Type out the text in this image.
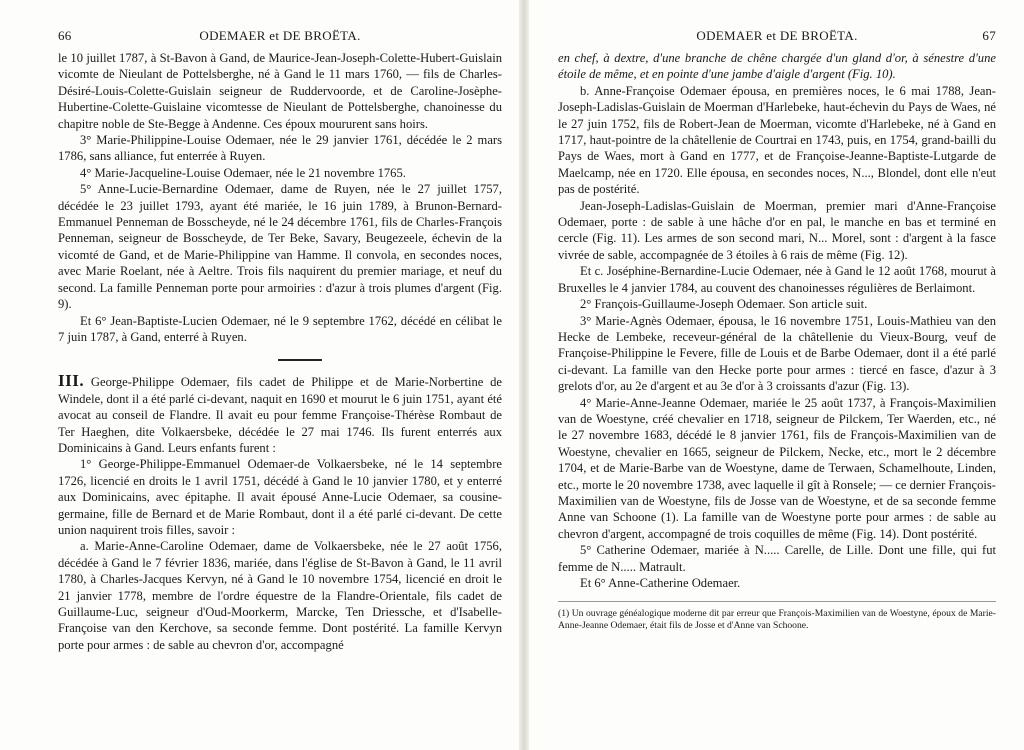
66	ODEMAER et DE BROËTA.

le 10 juillet 1787, à St-Bavon à Gand, de Maurice-Jean-Joseph-Colette-Hubert-Guislain vicomte de Nieulant de Pottelsberghe, né à Gand le 11 mars 1760, — fils de Charles-Désiré-Louis-Colette-Guislain seigneur de Ruddervoorde, et de Caroline-Josèphe-Hubertine-Colette-Guislaine vicomtesse de Nieulant de Pottelsberghe, chanoinesse du chapitre noble de Ste-Begge à Andenne. Ces époux moururent sans hoirs.

3° Marie-Philippine-Louise Odemaer, née le 29 janvier 1761, décédée le 2 mars 1786, sans alliance, fut enterrée à Ruyen.

4° Marie-Jacqueline-Louise Odemaer, née le 21 novembre 1765.

5° Anne-Lucie-Bernardine Odemaer, dame de Ruyen, née le 27 juillet 1757, décédée le 23 juillet 1793, ayant été mariée, le 16 juin 1789, à Brunon-Bernard-Emmanuel Penneman de Bosscheyde, né le 24 décembre 1761, fils de Charles-François Penneman, seigneur de Bosscheyde, de Ter Beke, Savary, Beugezeele, échevin de la vicomté de Gand, et de Marie-Philippine van Hamme. Il convola, en secondes noces, avec Marie Roelant, née à Aeltre. Trois fils naquirent du premier mariage, et neuf du second. La famille Penneman porte pour armoiries : d'azur à trois plumes d'argent (Fig. 9).

Et 6° Jean-Baptiste-Lucien Odemaer, né le 9 septembre 1762, décédé en célibat le 7 juin 1787, à Gand, enterré à Ruyen.

III. George-Philippe Odemaer, fils cadet de Philippe et de Marie-Norbertine de Windele, dont il a été parlé ci-devant, naquit en 1690 et mourut le 6 juin 1751, ayant été avocat au conseil de Flandre. Il avait eu pour femme Françoise-Thérèse Rombaut de Ter Haeghen, dite Volkaersbeke, décédée le 27 mai 1746. Ils furent enterrés aux Dominicains à Gand. Leurs enfants furent :

1° George-Philippe-Emmanuel Odemaer-de Volkaersbeke, né le 14 septembre 1726, licencié en droits le 1 avril 1751, décédé à Gand le 10 janvier 1780, et y enterré aux Dominicains, avec épitaphe. Il avait épousé Anne-Lucie Odemaer, sa cousine-germaine, fille de Bernard et de Marie Rombaut, dont il a été parlé ci-devant. De cette union naquirent trois filles, savoir :

a. Marie-Anne-Caroline Odemaer, dame de Volkaersbeke, née le 27 août 1756, décédée à Gand le 7 février 1836, mariée, dans l'église de St-Bavon à Gand, le 11 avril 1780, à Charles-Jacques Kervyn, né à Gand le 10 novembre 1754, licencié en droit le 21 janvier 1778, membre de l'ordre équestre de la Flandre-Orientale, fils cadet de Guillaume-Luc, seigneur d'Oud-Moorkerm, Marcke, Ten Driessche, et d'Isabelle-Françoise van den Kerchove, sa seconde femme. Dont postérité. La famille Kervyn porte pour armes : de sable au chevron d'or, accompagné

ODEMAER et DE BROËTA.	67

en chef, à dextre, d'une branche de chêne chargée d'un gland d'or, à sénestre d'une étoile de même, et en pointe d'une jambe d'aigle d'argent (Fig. 10).

b. Anne-Françoise Odemaer épousa, en premières noces, le 6 mai 1788, Jean-Joseph-Ladislas-Guislain de Moerman d'Harlebeke, haut-échevin du Pays de Waes, né le 27 juin 1752, fils de Robert-Jean de Moerman, vicomte d'Harlebeke, né à Gand en 1717, haut-pointre de la châtellenie de Courtrai en 1743, puis, en 1754, grand-bailli du Pays de Waes, mort à Gand en 1777, et de Françoise-Jeanne-Baptiste-Lutgarde de Maelcamp, née en 1720. Elle épousa, en secondes noces, N..., Blondel, dont elle n'eut pas de postérité.

Jean-Joseph-Ladislas-Guislain de Moerman, premier mari d'Anne-Françoise Odemaer, porte : de sable à une hâche d'or en pal, le manche en bas et terminé en cercle (Fig. 11). Les armes de son second mari, N... Morel, sont : d'argent à la fasce vivrée de sable, accompagnée de 3 étoiles à 6 rais de même (Fig. 12).

Et c. Joséphine-Bernardine-Lucie Odemaer, née à Gand le 12 août 1768, mourut à Bruxelles le 4 janvier 1784, au couvent des chanoinesses régulières de Berlaimont.

2° François-Guillaume-Joseph Odemaer. Son article suit.

3° Marie-Agnès Odemaer, épousa, le 16 novembre 1751, Louis-Mathieu van den Hecke de Lembeke, receveur-général de la châtellenie du Vieux-Bourg, veuf de Françoise-Philippine le Fevere, fille de Louis et de Barbe Odemaer, dont il a été parlé ci-devant. La famille van den Hecke porte pour armes : tiercé en fasce, d'azur à 3 grelots d'or, au 2e d'argent et au 3e d'or à 3 croissants d'azur (Fig. 13).

4° Marie-Anne-Jeanne Odemaer, mariée le 25 août 1737, à François-Maximilien van de Woestyne, créé chevalier en 1718, seigneur de Pilckem, Ter Waerden, etc., né le 27 novembre 1683, décédé le 8 janvier 1761, fils de François-Maximilien van de Woestyne, chevalier en 1665, seigneur de Pilckem, Necke, etc., mort le 2 décembre 1704, et de Marie-Barbe van de Woestyne, dame de Terwaen, Schamelhoute, Linden, etc., morte le 20 novembre 1738, avec laquelle il gît à Ronsele; — ce dernier François-Maximilien van de Woestyne, fils de Josse van de Woestyne, et de sa seconde femme Anne van Schoone (1). La famille van de Woestyne porte pour armes : de sable au chevron d'argent, accompagné de trois coquilles de même (Fig. 14). Dont postérité.

5° Catherine Odemaer, mariée à N..... Carelle, de Lille. Dont une fille, qui fut femme de N..... Matrault.

Et 6° Anne-Catherine Odemaer.

(1) Un ouvrage généalogique moderne dit par erreur que François-Maximilien van de Woestyne, époux de Marie-Anne-Jeanne Odemaer, était fils de Josse et d'Anne van Schoone.
